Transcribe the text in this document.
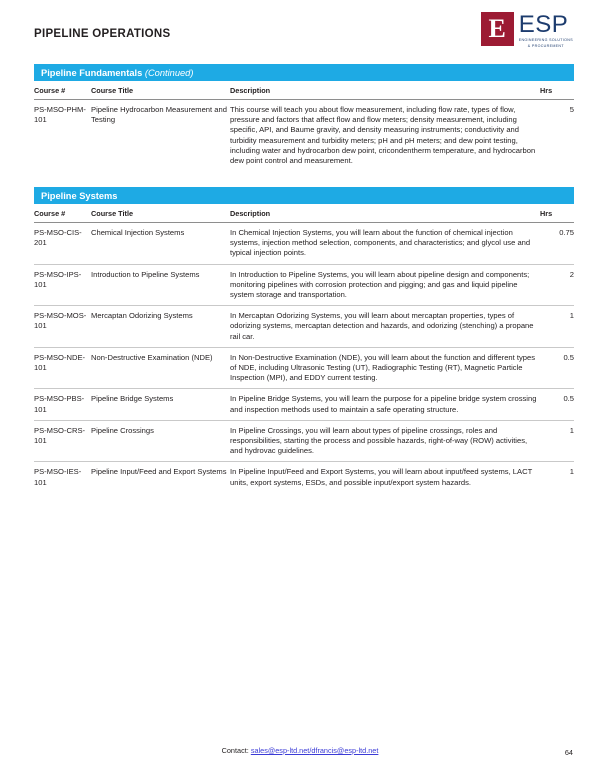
PIPELINE OPERATIONS	E ESP
ENGINEERING SOLUTIONS
& PROCUREMENT
Pipeline Fundamentals (Continued)
Course #	Course Title	Description	Hrs
PS-MSO-PHM-101	Pipeline Hydrocarbon Measurement and Testing	This course will teach you about flow measurement, including flow rate, types of flow, pressure and factors that affect flow and flow meters; density measurement, including specific, API, and Baume gravity, and density measuring instruments; conductivity and turbidity measurement and turbidity meters; pH and pH meters; and dew point testing, including water and hydrocarbon dew point, cricondentherm temperature, and hydrocarbon dew point control and measurement.	5
Pipeline Systems
Course #	Course Title	Description	Hrs
PS-MSO-CIS-201	Chemical Injection Systems	In Chemical Injection Systems, you will learn about the function of chemical injection systems, injection method selection, components, and characteristics; and glycol use and typical injection points.	0.75
PS-MSO-IPS-101	Introduction to Pipeline Systems	In Introduction to Pipeline Systems, you will learn about pipeline design and components; monitoring pipelines with corrosion protection and pigging; and gas and liquid pipeline system storage and transportation.	2
PS-MSO-MOS-101	Mercaptan Odorizing Systems	In Mercaptan Odorizing Systems, you will learn about mercaptan properties, types of odorizing systems, mercaptan detection and hazards, and odorizing (stenching) a propane rail car.	1
PS-MSO-NDE-101	Non-Destructive Examination (NDE)	In Non-Destructive Examination (NDE), you will learn about the function and different types of NDE, including Ultrasonic Testing (UT), Radiographic Testing (RT), Magnetic Particle Inspection (MPI), and EDDY current testing.	0.5
PS-MSO-PBS-101	Pipeline Bridge Systems	In Pipeline Bridge Systems, you will learn the purpose for a pipeline bridge system crossing and inspection methods used to maintain a safe operating structure.	0.5
PS-MSO-CRS-101	Pipeline Crossings	In Pipeline Crossings, you will learn about types of pipeline crossings, roles and responsibilities, starting the process and possible hazards, right-of-way (ROW) activities, and hydrovac guidelines.	1
PS-MSO-IES-101	Pipeline Input/Feed and Export Systems	In Pipeline Input/Feed and Export Systems, you will learn about input/feed systems, LACT units, export systems, ESDs, and possible input/export system hazards.	1
Contact: sales@esp-ltd.net/dfrancis@esp-ltd.net	64
